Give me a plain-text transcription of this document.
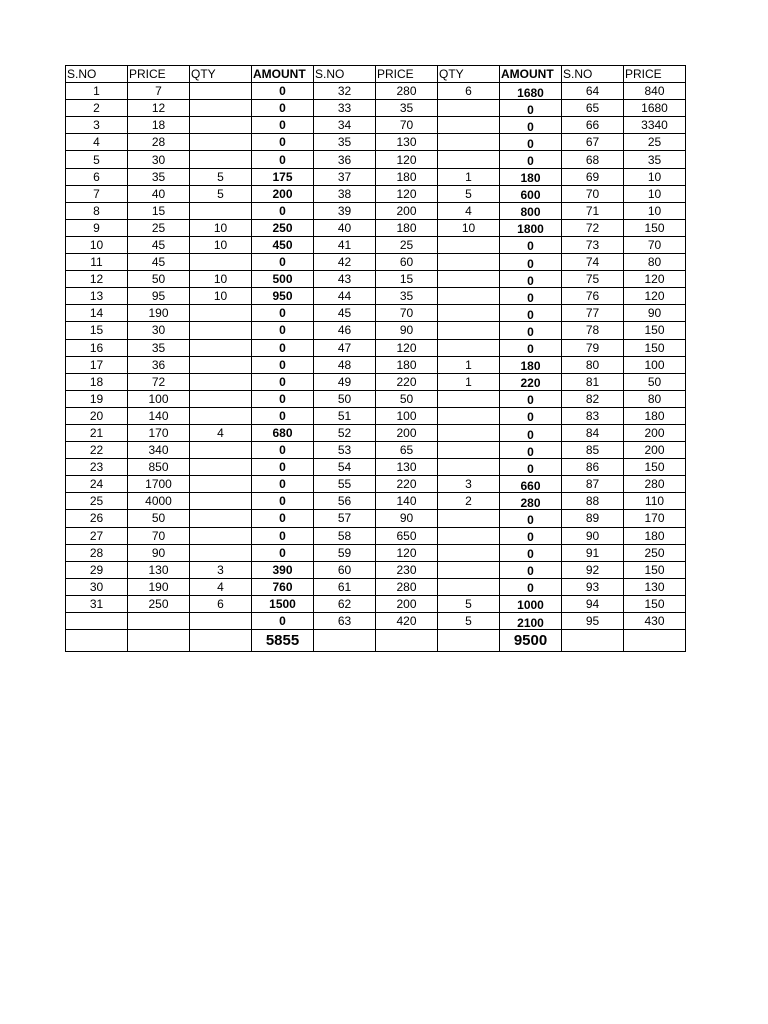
S.NO	PRICE	QTY	AMOUNT	S.NO	PRICE	QTY	AMOUNT	S.NO	PRICE
1	7		0	32	280	6	1680	64	840
2	12		0	33	35		0	65	1680
3	18		0	34	70		0	66	3340
4	28		0	35	130		0	67	25
5	30		0	36	120		0	68	35
6	35	5	175	37	180	1	180	69	10
7	40	5	200	38	120	5	600	70	10
8	15		0	39	200	4	800	71	10
9	25	10	250	40	180	10	1800	72	150
10	45	10	450	41	25		0	73	70
11	45		0	42	60		0	74	80
12	50	10	500	43	15		0	75	120
13	95	10	950	44	35		0	76	120
14	190		0	45	70		0	77	90
15	30		0	46	90		0	78	150
16	35		0	47	120		0	79	150
17	36		0	48	180	1	180	80	100
18	72		0	49	220	1	220	81	50
19	100		0	50	50		0	82	80
20	140		0	51	100		0	83	180
21	170	4	680	52	200		0	84	200
22	340		0	53	65		0	85	200
23	850		0	54	130		0	86	150
24	1700		0	55	220	3	660	87	280
25	4000		0	56	140	2	280	88	110
26	50		0	57	90		0	89	170
27	70		0	58	650		0	90	180
28	90		0	59	120		0	91	250
29	130	3	390	60	230		0	92	150
30	190	4	760	61	280		0	93	130
31	250	6	1500	62	200	5	1000	94	150
			0	63	420	5	2100	95	430
			5855				9500		
